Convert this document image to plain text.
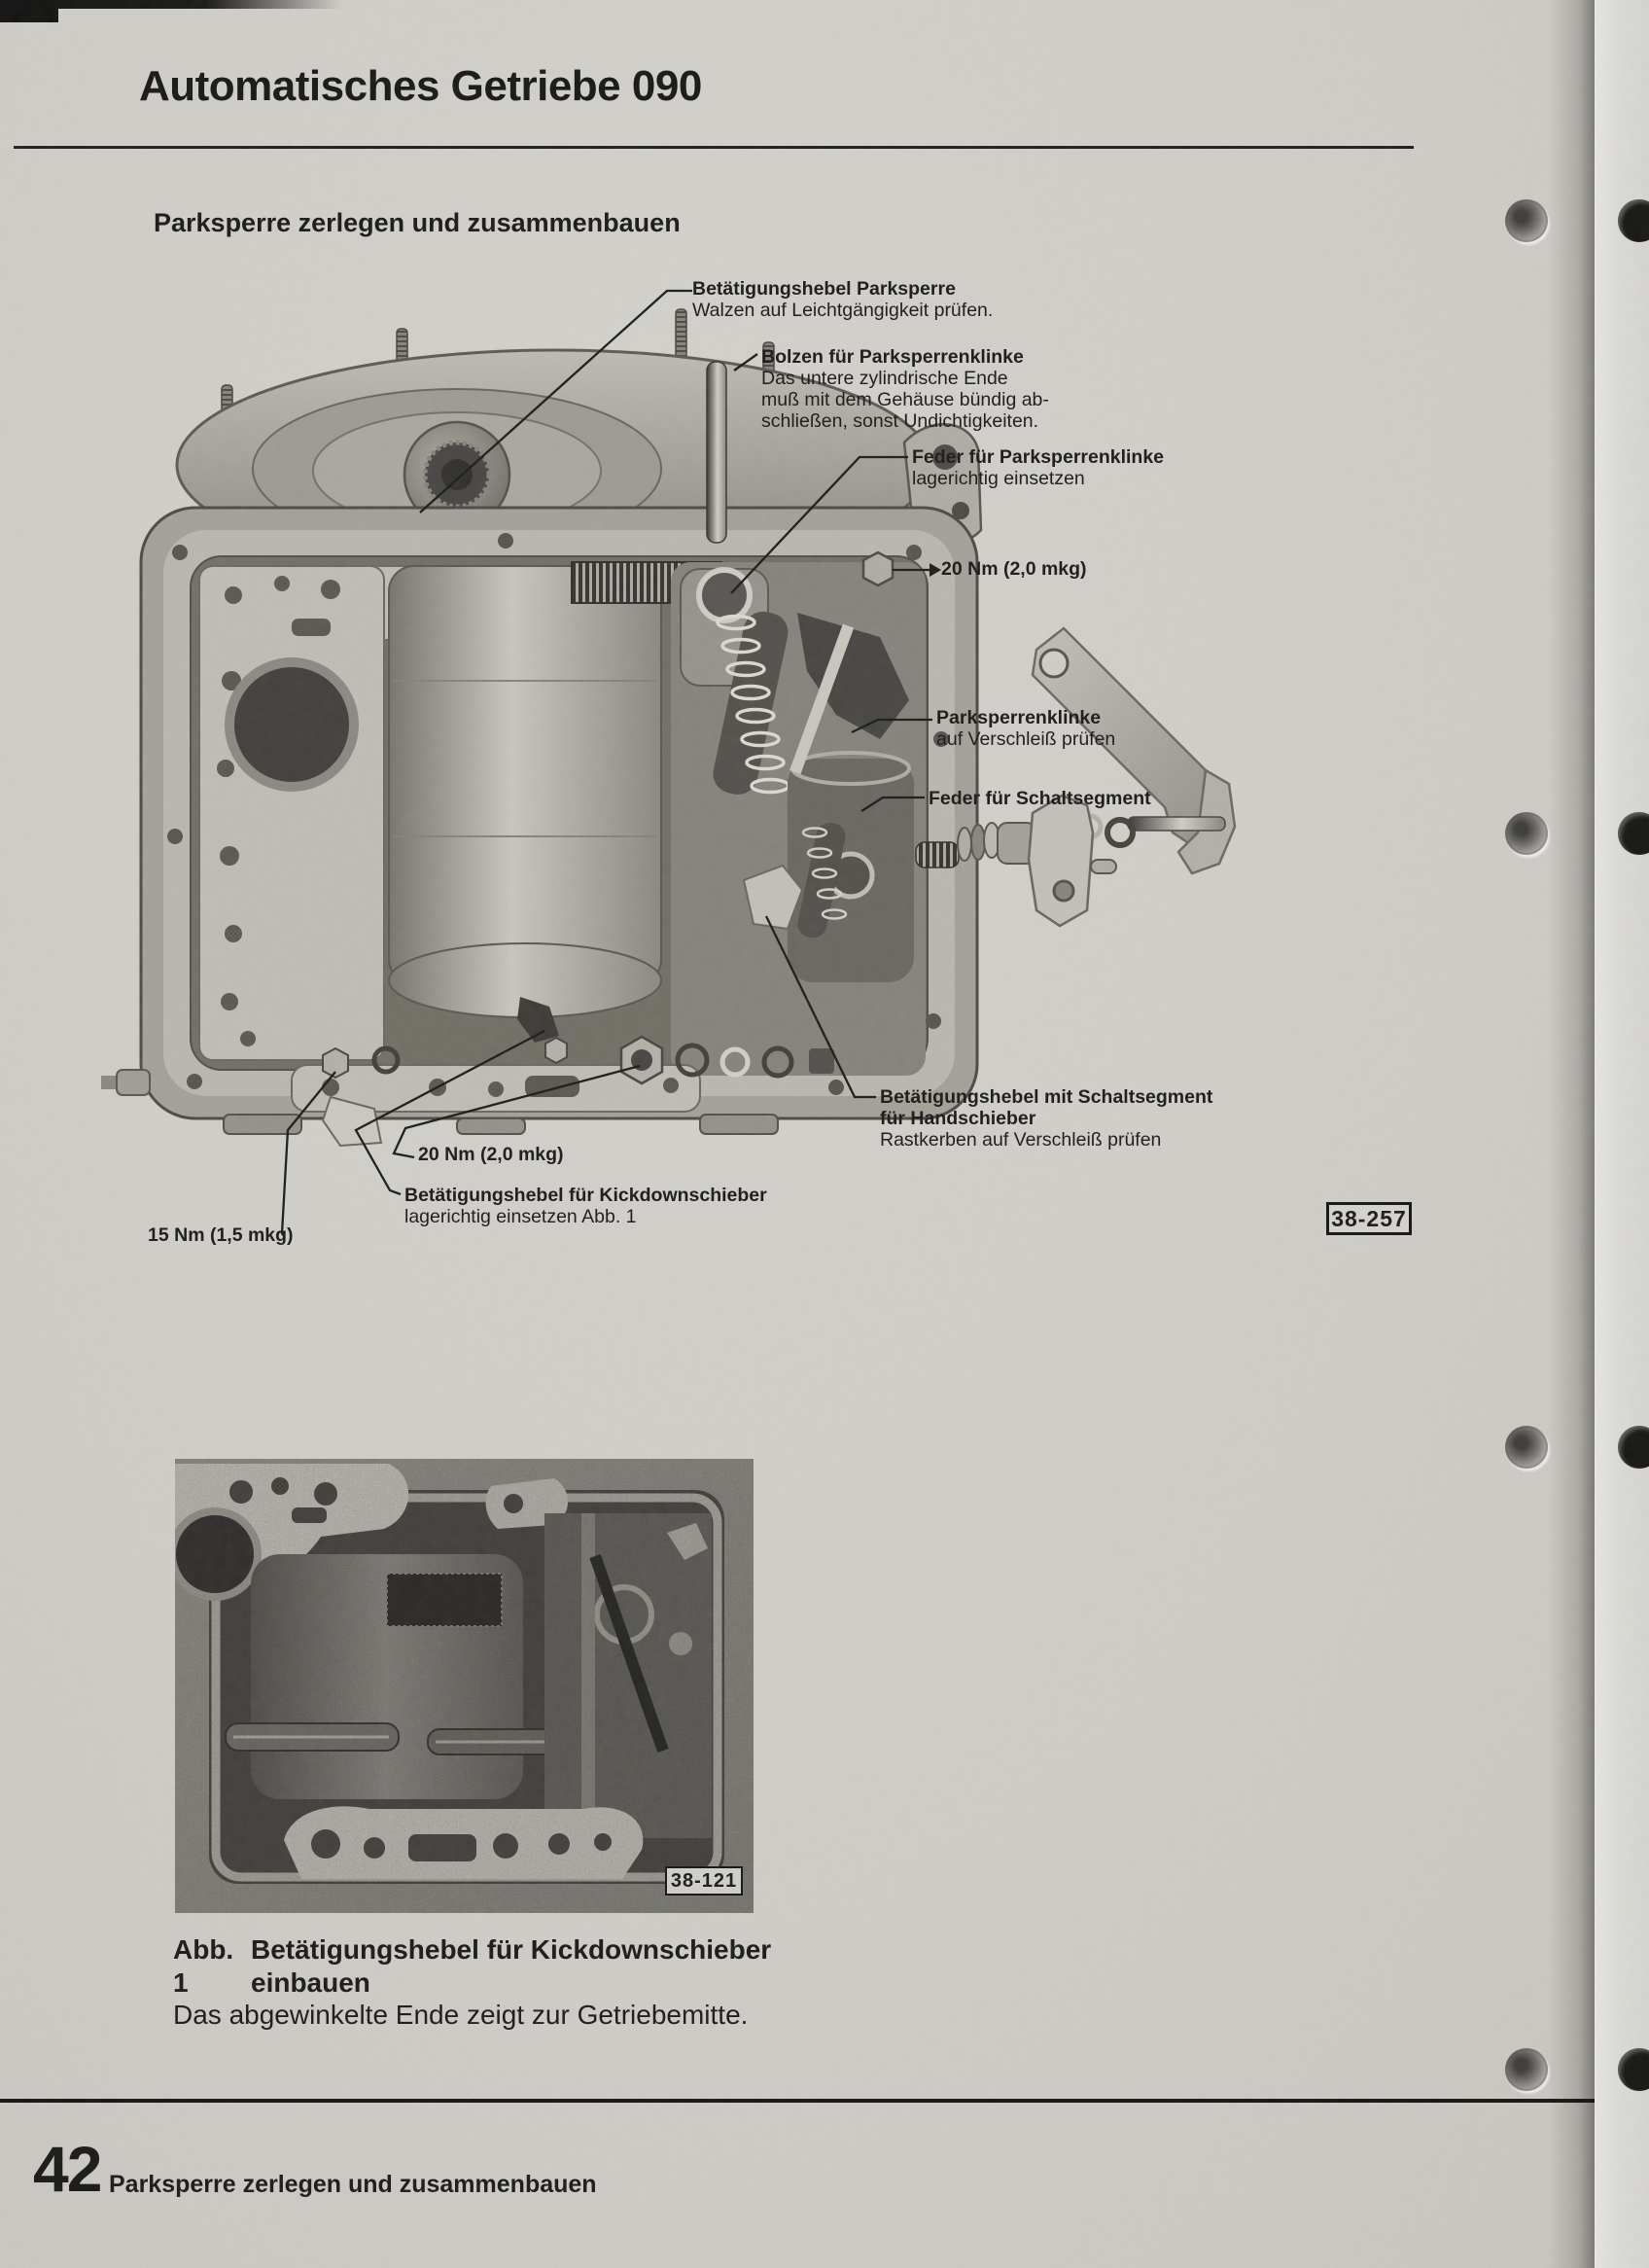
Automatisches Getriebe 090
Parksperre zerlegen und zusammenbauen
Betätigungshebel Parksperre
Walzen auf Leichtgängigkeit prüfen.
Bolzen für Parksperrenklinke
Das untere zylindrische Ende
muß mit dem Gehäuse bündig ab-
schließen, sonst Undichtigkeiten.
Feder für Parksperrenklinke
lagerichtig einsetzen
20 Nm (2,0 mkg)
Parksperrenklinke
auf Verschleiß prüfen
Feder für Schaltsegment
Betätigungshebel mit Schaltsegment
für Handschieber
Rastkerben auf Verschleiß prüfen
20 Nm (2,0 mkg)
Betätigungshebel für Kickdownschieber
lagerichtig einsetzen Abb. 1
15 Nm (1,5 mkg)
38-257
38-121
Abb. 1
Betätigungshebel für Kickdownschieber
einbauen
Das abgewinkelte Ende zeigt zur Getriebemitte.
42 Parksperre zerlegen und zusammenbauen
